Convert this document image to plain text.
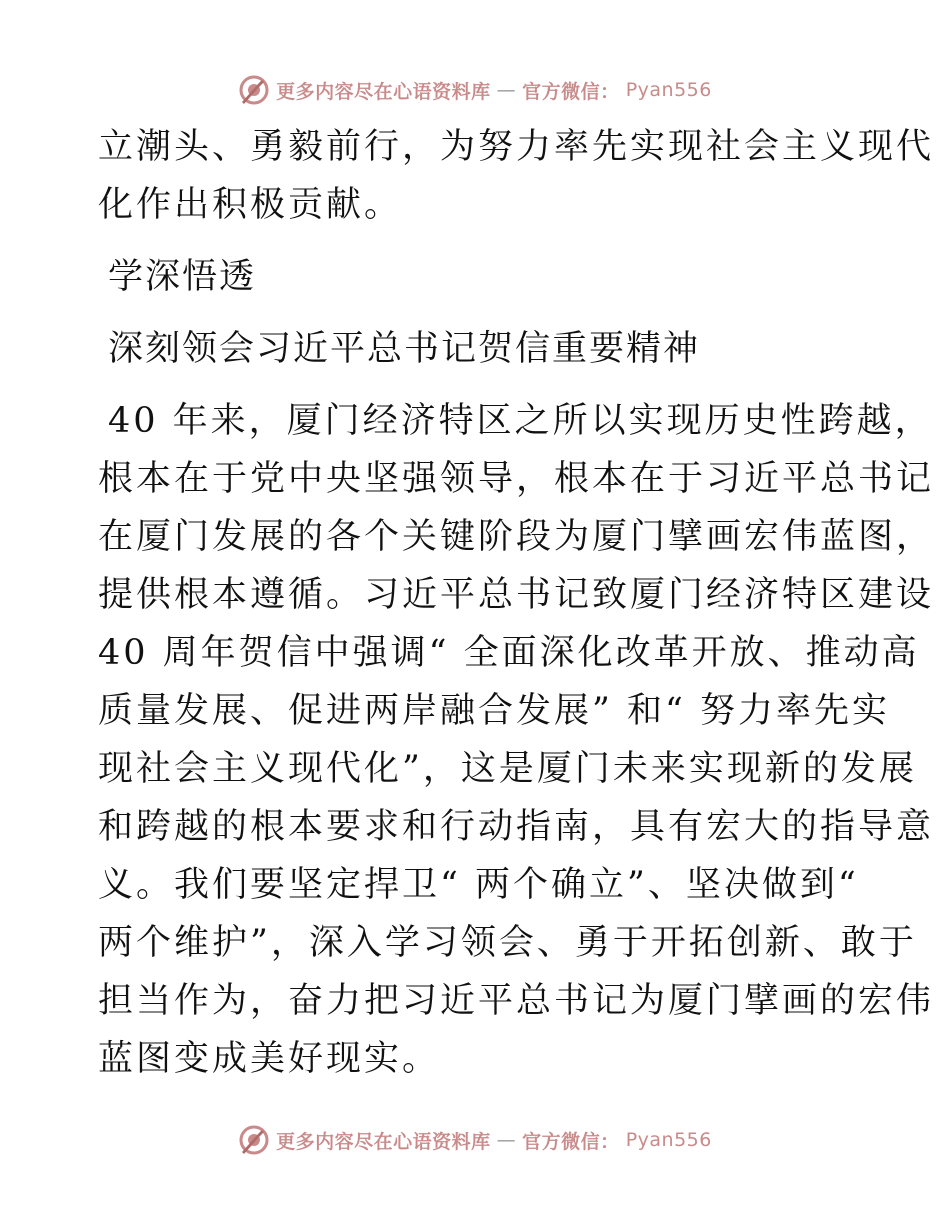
更多内容尽在心语资料库 — 官方微信： Pyan556
立潮头、勇毅前行，为努力率先实现社会主义现代
化作出积极贡献。
学深悟透
深刻领会习近平总书记贺信重要精神
40 年来，厦门经济特区之所以实现历史性跨越，
根本在于党中央坚强领导，根本在于习近平总书记
在厦门发展的各个关键阶段为厦门擘画宏伟蓝图，
提供根本遵循。习近平总书记致厦门经济特区建设
40 周年贺信中强调“ 全面深化改革开放、推动高
质量发展、促进两岸融合发展” 和“ 努力率先实
现社会主义现代化”，这是厦门未来实现新的发展
和跨越的根本要求和行动指南，具有宏大的指导意
义。我们要坚定捍卫“ 两个确立”、坚决做到“
两个维护”，深入学习领会、勇于开拓创新、敢于
担当作为，奋力把习近平总书记为厦门擘画的宏伟
蓝图变成美好现实。
更多内容尽在心语资料库 — 官方微信： Pyan556
